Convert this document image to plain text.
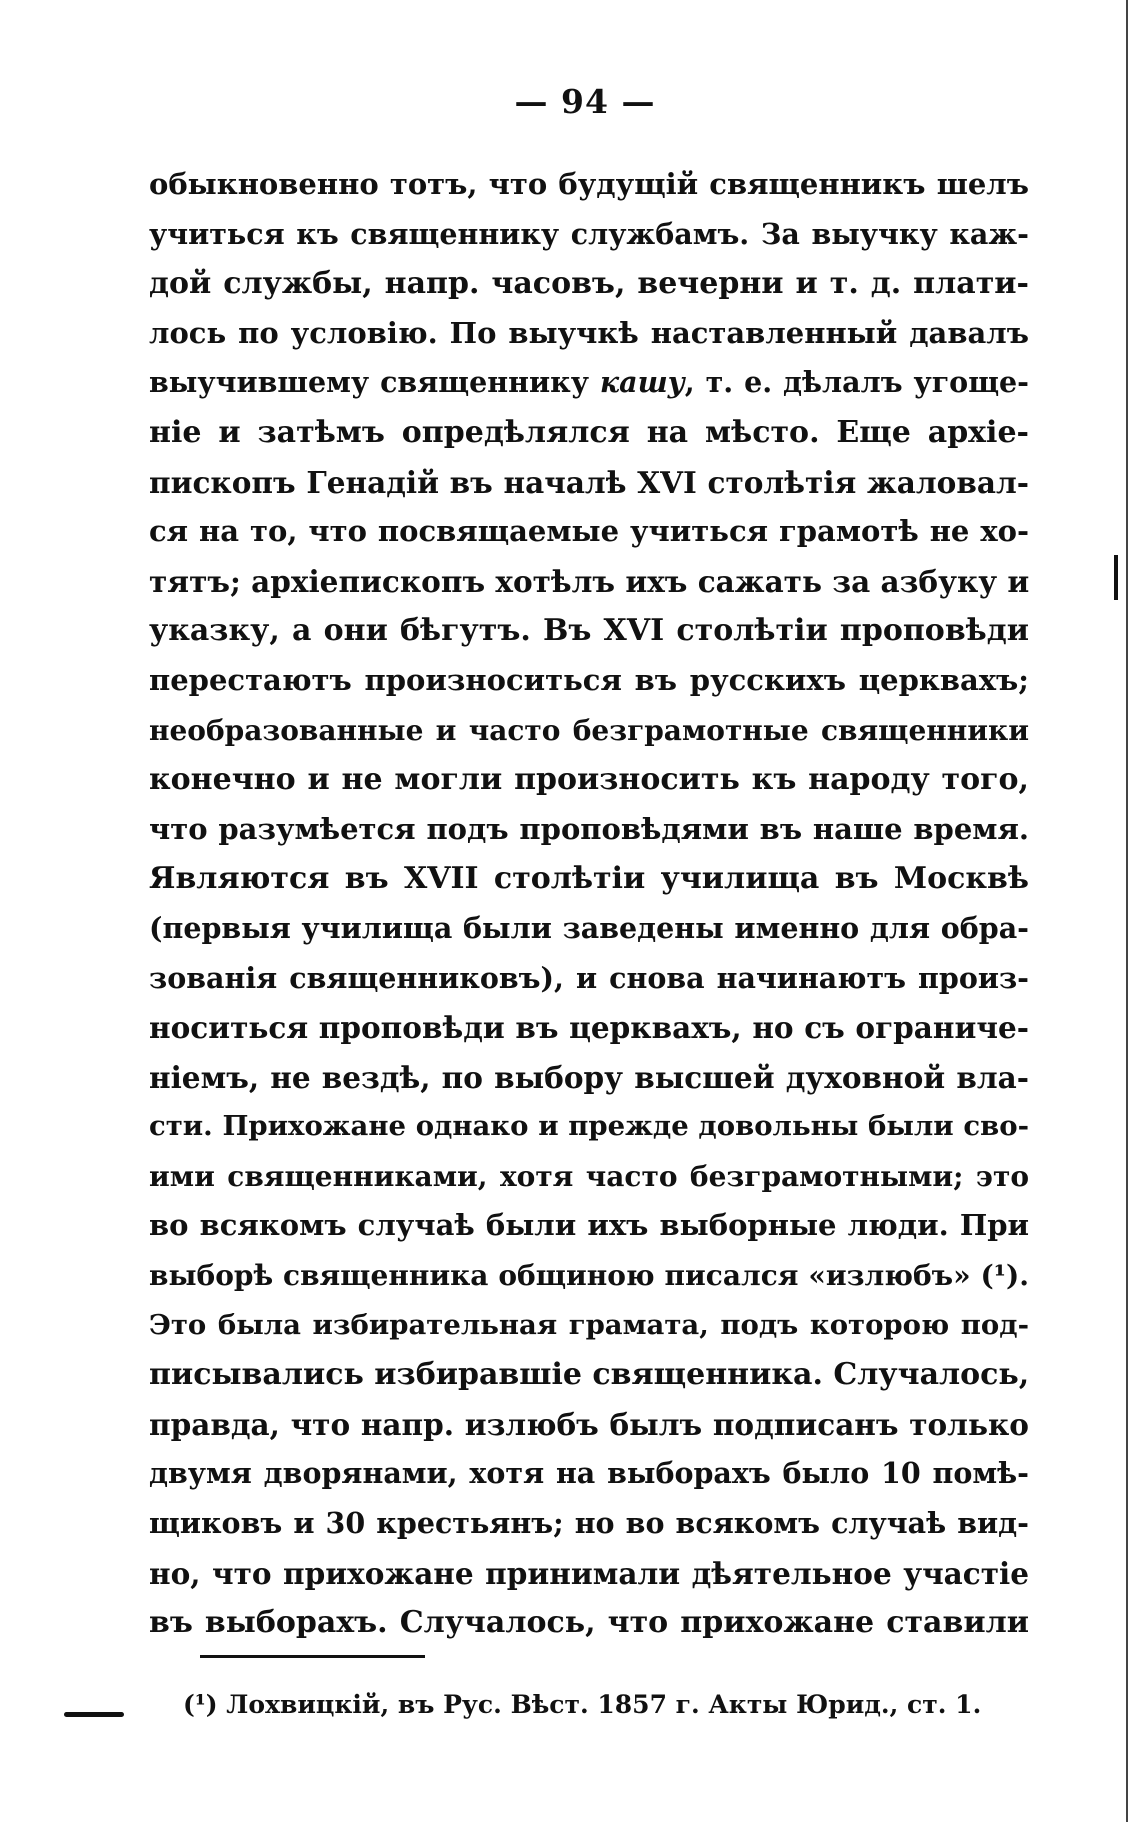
— 94 —
обыкновенно тотъ, что будущій священникъ шелъ
учиться къ священнику службамъ. За выучку каж-
дой службы, напр. часовъ, вечерни и т. д. плати-
лось по условію. По выучкѣ наставленный давалъ
выучившему священнику кашу, т. е. дѣлалъ угоще-
ніе и затѣмъ опредѣлялся на мѣсто. Еще архіе-
пископъ Генадій въ началѣ XVI столѣтія жаловал-
ся на то, что посвящаемые учиться грамотѣ не хо-
тятъ; архіепископъ хотѣлъ ихъ сажать за азбуку и
указку, а они бѣгутъ. Въ XVI столѣтіи проповѣди
перестаютъ произноситься въ русскихъ церквахъ;
необразованные и часто безграмотные священники
конечно и не могли произносить къ народу того,
что разумѣется подъ проповѣдями въ наше время.
Являются въ XVII столѣтіи училища въ Москвѣ
(первыя училища были заведены именно для обра-
зованія священниковъ), и снова начинаютъ произ-
носиться проповѣди въ церквахъ, но съ ограниче-
ніемъ, не вездѣ, по выбору высшей духовной вла-
сти. Прихожане однако и прежде довольны были сво-
ими священниками, хотя часто безграмотными; это
во всякомъ случаѣ были ихъ выборные люди. При
выборѣ священника общиною писался «излюбъ» (¹).
Это была избирательная грамата, подъ которою под-
писывались избиравшіе священника. Случалось,
правда, что напр. излюбъ былъ подписанъ только
двумя дворянами, хотя на выборахъ было 10 помѣ-
щиковъ и 30 крестьянъ; но во всякомъ случаѣ вид-
но, что прихожане принимали дѣятельное участіе
въ выборахъ. Случалось, что прихожане ставили
(¹) Лохвицкій, въ Рус. Вѣст. 1857 г. Акты Юрид., ст. 1.
